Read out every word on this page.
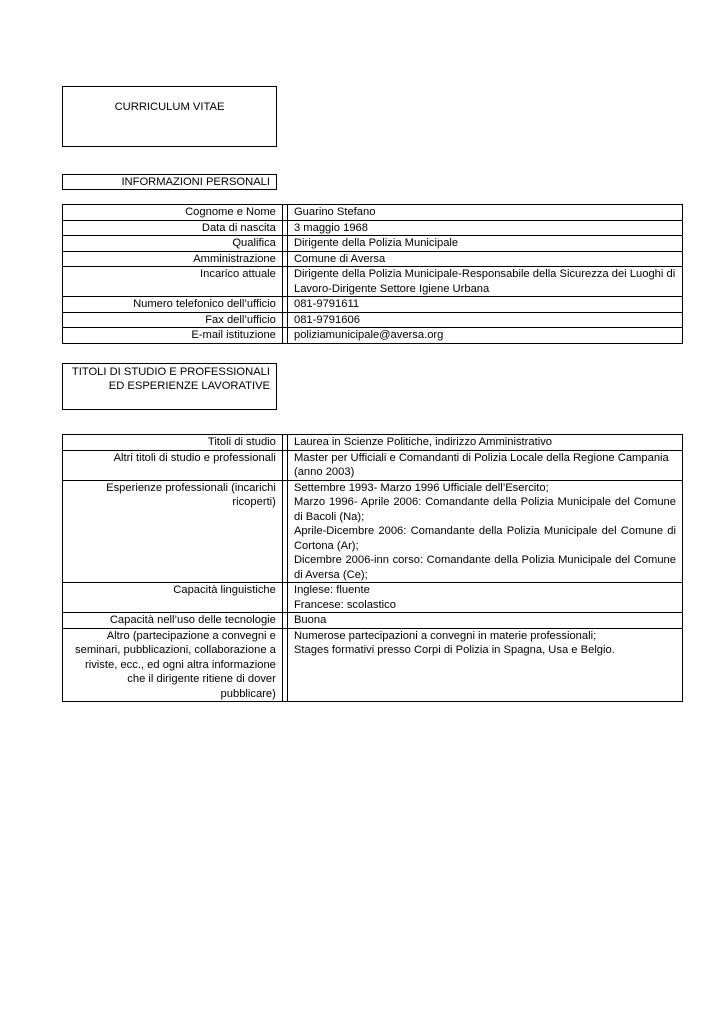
CURRICULUM VITAE
INFORMAZIONI PERSONALI
Cognome e Nome		Guarino Stefano

Data di nascita		3 maggio 1968

Qualifica		Dirigente della Polizia Municipale

Amministrazione		Comune di Aversa

Incarico attuale		Dirigente della Polizia Municipale-Responsabile della Sicurezza dei Luoghi di Lavoro-Dirigente Settore Igiene Urbana

Numero telefonico dell’ufficio		081-9791611

Fax dell’ufficio		081-9791606

E-mail istituzione		poliziamunicipale@aversa.org
TITOLI DI STUDIO E PROFESSIONALI ED ESPERIENZE LAVORATIVE
Titoli di studio		Laurea in Scienze Politiche, indirizzo Amministrativo

Altri titoli di studio e professionali		Master per Ufficiali e Comandanti di Polizia Locale della Regione Campania (anno 2003)

Esperienze professionali (incarichi ricoperti)		Settembre 1993- Marzo 1996 Ufficiale dell’Esercito;
Marzo 1996- Aprile 2006: Comandante della Polizia Municipale del Comune di Bacoli (Na);
Aprile-Dicembre 2006: Comandante della Polizia Municipale del Comune di Cortona (Ar);
Dicembre 2006-inn corso: Comandante della Polizia Municipale del Comune di Aversa (Ce);

Capacità linguistiche		Inglese: fluente
Francese: scolastico

Capacità nell’uso delle tecnologie		Buona

Altro (partecipazione a convegni e seminari, pubblicazioni, collaborazione a riviste, ecc., ed ogni altra informazione che il dirigente ritiene di dover pubblicare)		Numerose partecipazioni a convegni in materie professionali;
Stages formativi presso Corpi di Polizia in Spagna, Usa e Belgio.
